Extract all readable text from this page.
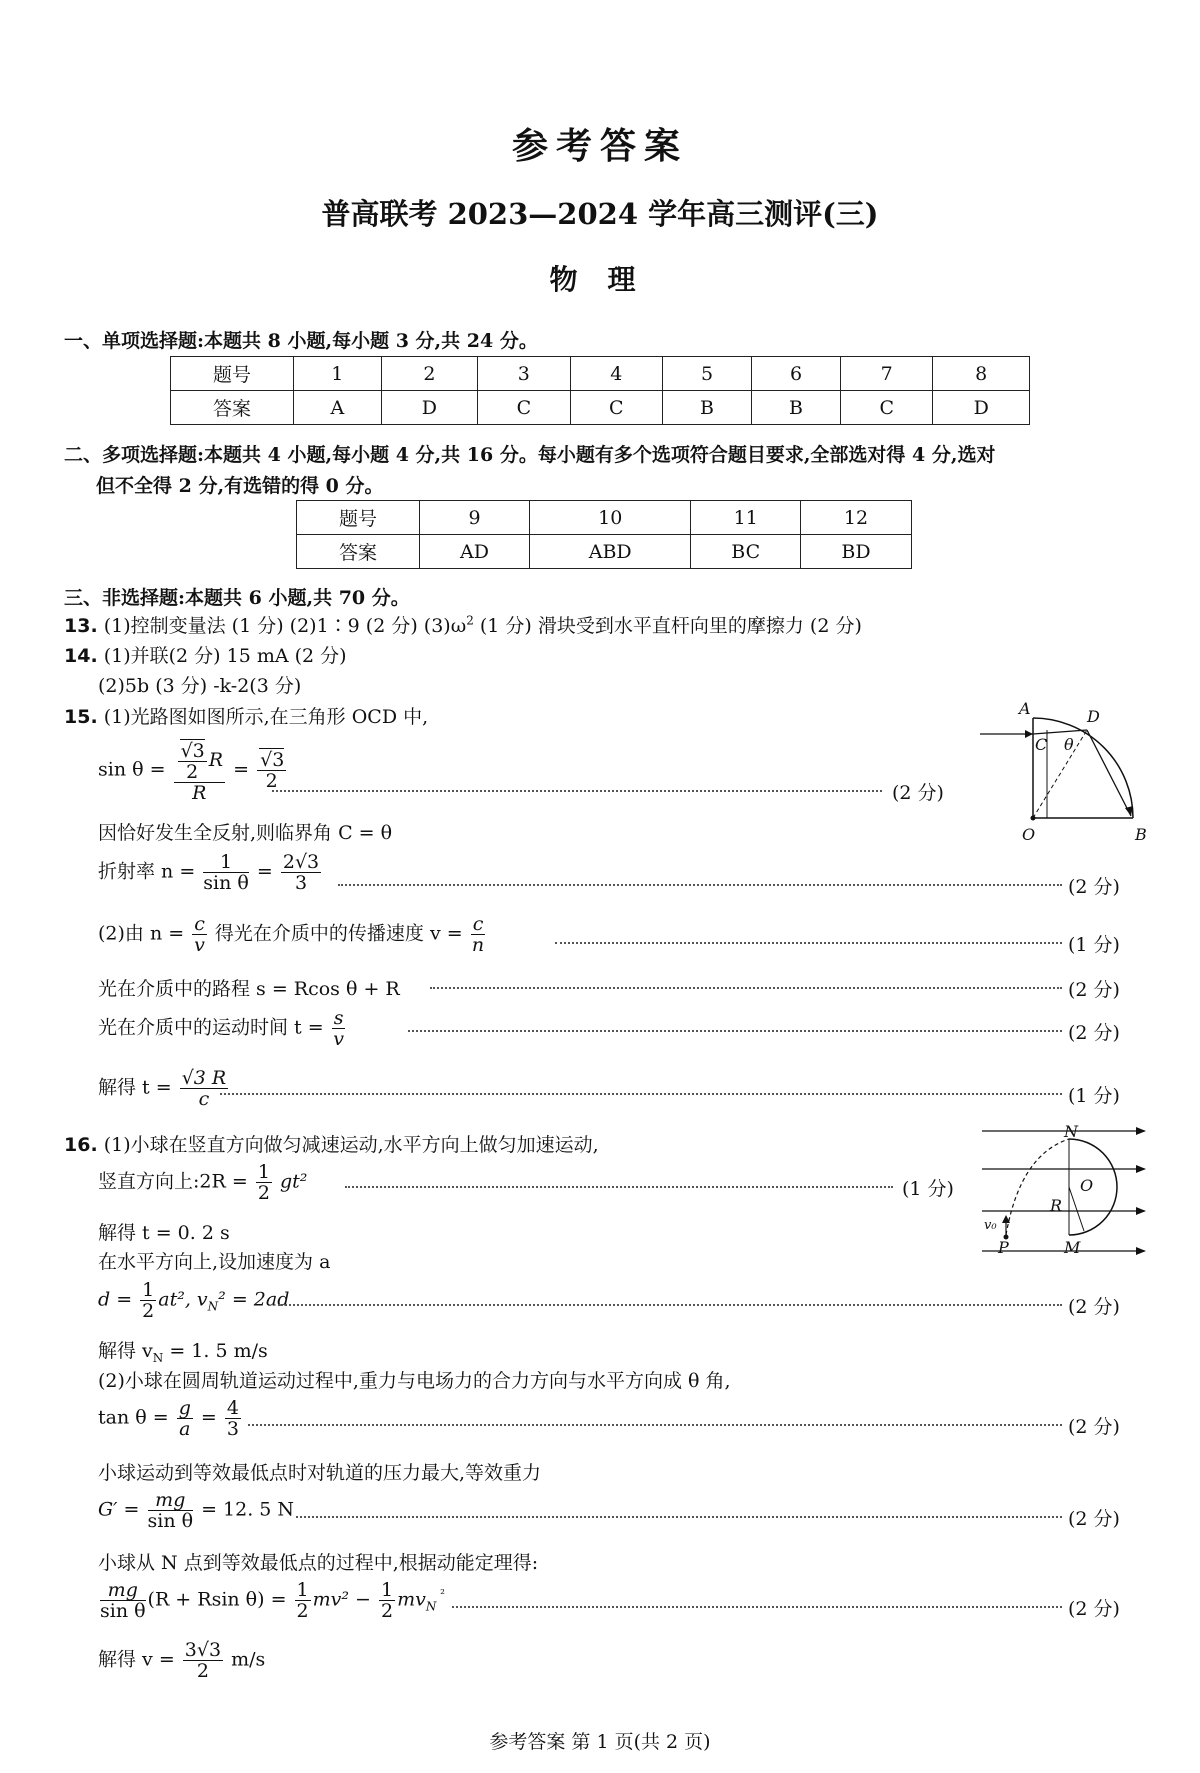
参考答案
普高联考 2023—2024 学年高三测评(三)
物理
一、单项选择题:本题共 8 小题,每小题 3 分,共 24 分。
题号	1	2	3	4	5	6	7	8
答案	A	D	C	C	B	B	C	D
二、多项选择题:本题共 4 小题,每小题 4 分,共 16 分。每小题有多个选项符合题目要求,全部选对得 4 分,选对
但不全得 2 分,有选错的得 0 分。
题号	9	10	11	12
答案	AD	ABD	BC	BD
三、非选择题:本题共 6 小题,共 70 分。
13. (1)控制变量法 (1 分) (2)1∶9 (2 分) $(3)\omega^2$ (1 分) 滑块受到水平直杆向里的摩擦力 (2 分)
14. (1)并联(2 分) 15 mA (2 分)
(2)5b (3 分) -k-2(3 分)
15. (1)光路图如图所示,在三角形 OCD 中,
$\sin \theta = \frac{\frac{√3}{2} R}{R} = \frac{√3}{2}$
(2 分)
因恰好发生全反射,则临界角 C = θ
折射率 $n = \frac{1}{\text{sin θ}} = \frac{2√3}{3}$	(2 分)
(2)由 $n = \frac{c}{v}$ 得光在介质中的传播速度 $v = \frac{c}{n}$	(1 分)
光在介质中的路程 s = Rcos θ + R	(2 分)
光在介质中的运动时间 $t = \frac{s}{v}$	(2 分)
解得 $t = \frac{√3 R}{c}$	(1 分)
A
C θ
D
O	B
16. (1)小球在竖直方向做匀减速运动,水平方向上做匀加速运动,
竖直方向上:2R = $\frac{1}{2} gt^2$	(1 分)
解得 t = 0. 2 s
在水平方向上,设加速度为 a
$d = \frac{1}{2} at^2$, $v_N^2 = 2ad$	(2 分)
解得 $v_N = 1$. 5 m/s
(2)小球在圆周轨道运动过程中,重力与电场力的合力方向与水平方向成 θ 角,
$\tan \theta = \frac{g}{a} = \frac{4}{3}$	(2 分)
小球运动到等效最低点时对轨道的压力最大,等效重力
$G' = \frac{mg}{\text{sin θ}} = 12$. 5 N	(2 分)
小球从 N 点到等效最低点的过程中,根据动能定理得:
$\frac{mg}{\text{sin θ}} (R + Rsin$ $\theta) = \frac{1}{2} mv^2 - \frac{1}{2} mv_N$ $^{^2}$
(2 分)
解得 $v = \frac{3√3}{2} m/s$
N
O
R
v₀
P	M
参考答案 第 1 页(共 2 页)
